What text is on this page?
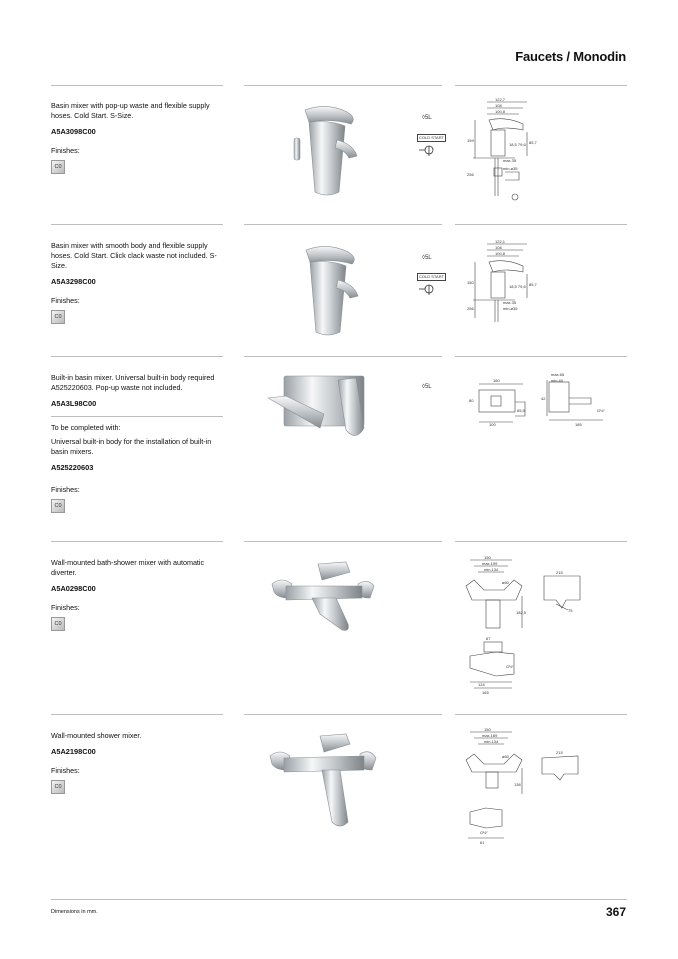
Faucets / Monodin

Basin mixer with pop-up waste and flexible supply hoses. Cold Start. S-Size.

A5A3098C00
Finishes:
C0
◊5L
COLD START
122,7
108
100,8
159
256
18,5 79,6 85,7
max.35
min.ø35

Basin mixer with smooth body and flexible supply hoses. Cold Start. Click clack waste not included. S-Size.

A5A3298C00
Finishes:
C0
◊5L
COLD START
122,1
108
100,8
150
256
18,5 79,6 85,7
max.35
min.ø35

Built-in basin mixer. Universal built-in body required A525220603. Pop-up waste not included.

A5A3L98C00
To be completed with:
Universal built-in body for the installation of built-in basin mixers.
A525220603
Finishes:
C0
◊5L
160
80
65,5
100
max.65
min.40
42
185
G½"

Wall-mounted bath-shower mixer with automatic diverter.

A5A0298C00
Finishes:
C0
150
max.199
min.134
ø60
182,5
215
75
67
G½"
124
165

Wall-mounted shower mixer.

A5A2198C00
Finishes:
C0
150
max.169
min.134
ø60
136
215
G½"
61
Dimensions in mm.	367
